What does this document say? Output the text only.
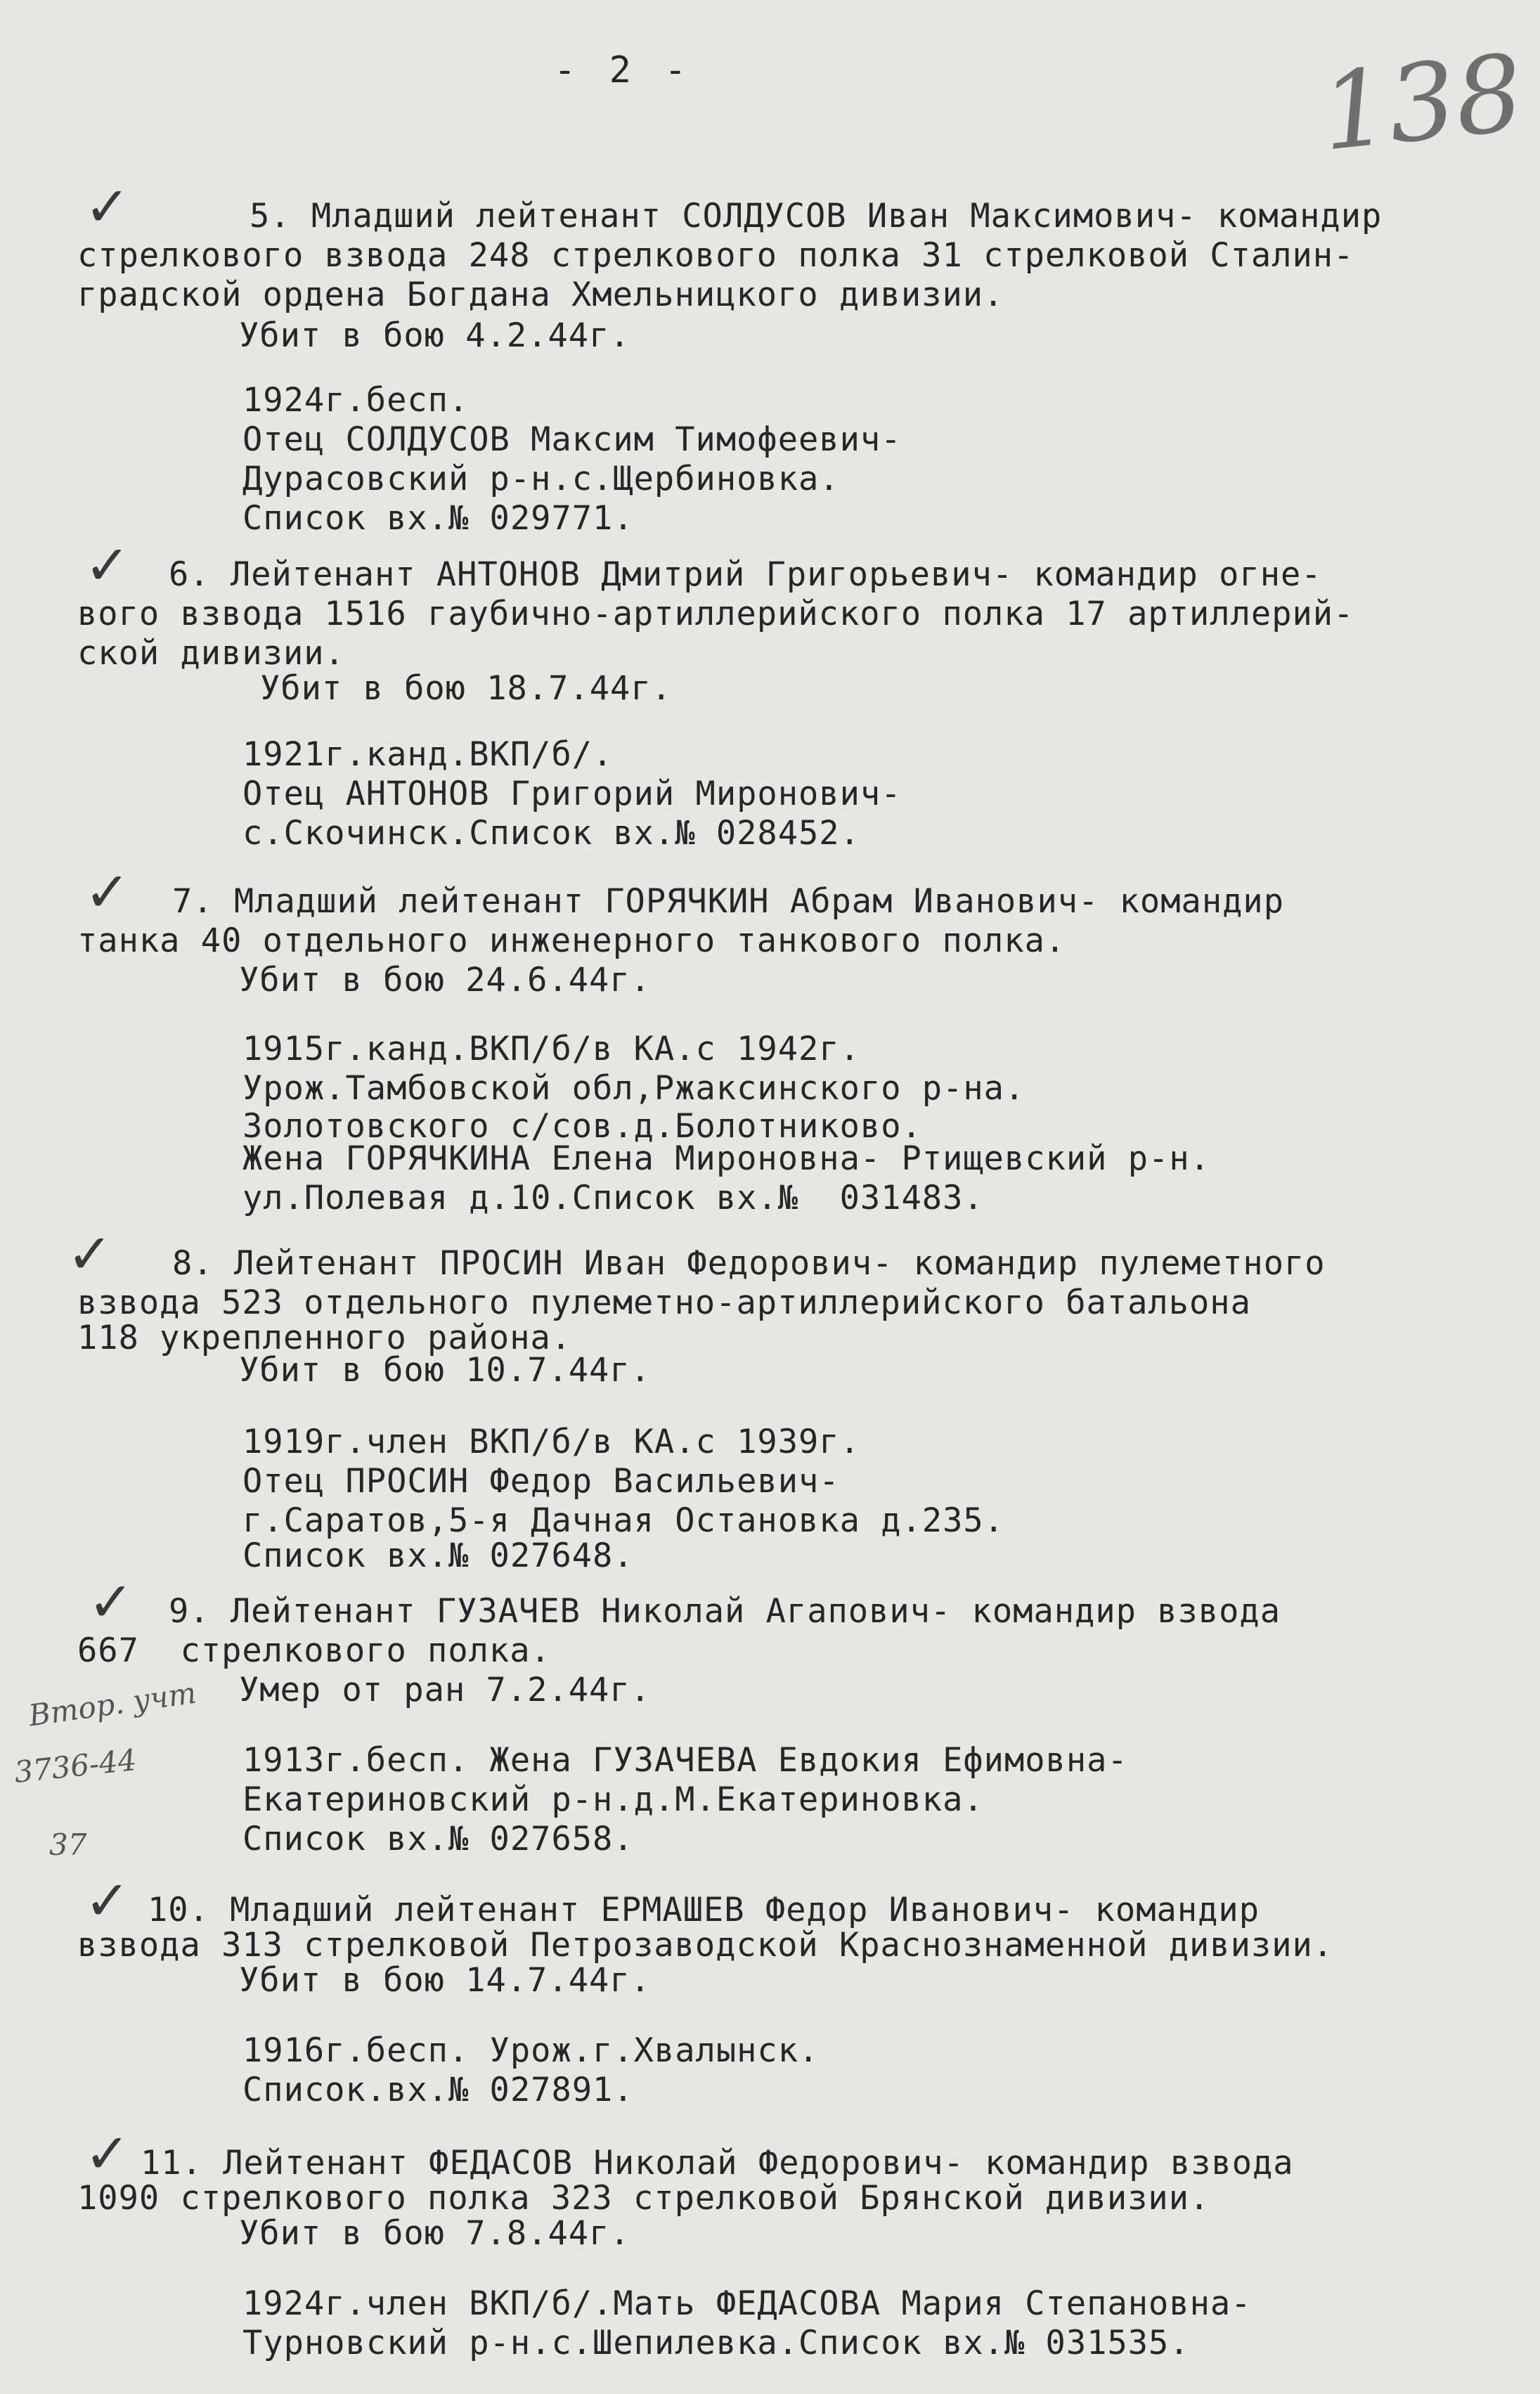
- 2 -	138
✓	5. Младший лейтенант СОЛДУСОВ Иван Максимович- командир
стрелкового взвода 248 стрелкового полка 31 стрелковой Сталин-
градской ордена Богдана Хмельницкого дивизии.
Убит в бою 4.2.44г.
1924г.бесп.
Отец СОЛДУСОВ Максим Тимофеевич-
Дурасовский р-н.с.Щербиновка.
Список вх.№ 029771.
✓ 6. Лейтенант АНТОНОВ Дмитрий Григорьевич- командир огне-
вого взвода 1516 гаубично-артиллерийского полка 17 артиллерий-
ской дивизии.
Убит в бою 18.7.44г.
1921г.канд.ВКП/б/.
Отец АНТОНОВ Григорий Миронович-
с.Скочинск.Список вх.№ 028452.
✓ 7. Младший лейтенант ГОРЯЧКИН Абрам Иванович- командир
танка 40 отдельного инженерного танкового полка.
Убит в бою 24.6.44г.
1915г.канд.ВКП/б/в КА.с 1942г.
Урож.Тамбовской обл,Ржаксинского р-на.
Золотовского с/сов.д.Болотниково.
Жена ГОРЯЧКИНА Елена Мироновна- Ртищевский р-н.
ул.Полевая д.10.Список вх.№  031483.
✓ 8. Лейтенант ПРОСИН Иван Федорович- командир пулеметного
взвода 523 отдельного пулеметно-артиллерийского батальона
118 укрепленного района.
Убит в бою 10.7.44г.
1919г.член ВКП/б/в КА.с 1939г.
Отец ПРОСИН Федор Васильевич-
г.Саратов,5-я Дачная Остановка д.235.
Список вх.№ 027648.
✓ 9. Лейтенант ГУЗАЧЕВ Николай Агапович- командир взвода
667  стрелкового полка.
Умер от ран 7.2.44г.
1913г.бесп. Жена ГУЗАЧЕВА Евдокия Ефимовна-
Екатериновский р-н.д.М.Екатериновка.
Список вх.№ 027658.
Втор. учт
3736-44
37
✓ 10. Младший лейтенант ЕРМАШЕВ Федор Иванович- командир
взвода 313 стрелковой Петрозаводской Краснознаменной дивизии.
Убит в бою 14.7.44г.
1916г.бесп. Урож.г.Хвалынск.
Список.вх.№ 027891.
✓ 11. Лейтенант ФЕДАСОВ Николай Федорович- командир взвода
1090 стрелкового полка 323 стрелковой Брянской дивизии.
Убит в бою 7.8.44г.
1924г.член ВКП/б/.Мать ФЕДАСОВА Мария Степановна-
Турновский р-н.с.Шепилевка.Список вх.№ 031535.
